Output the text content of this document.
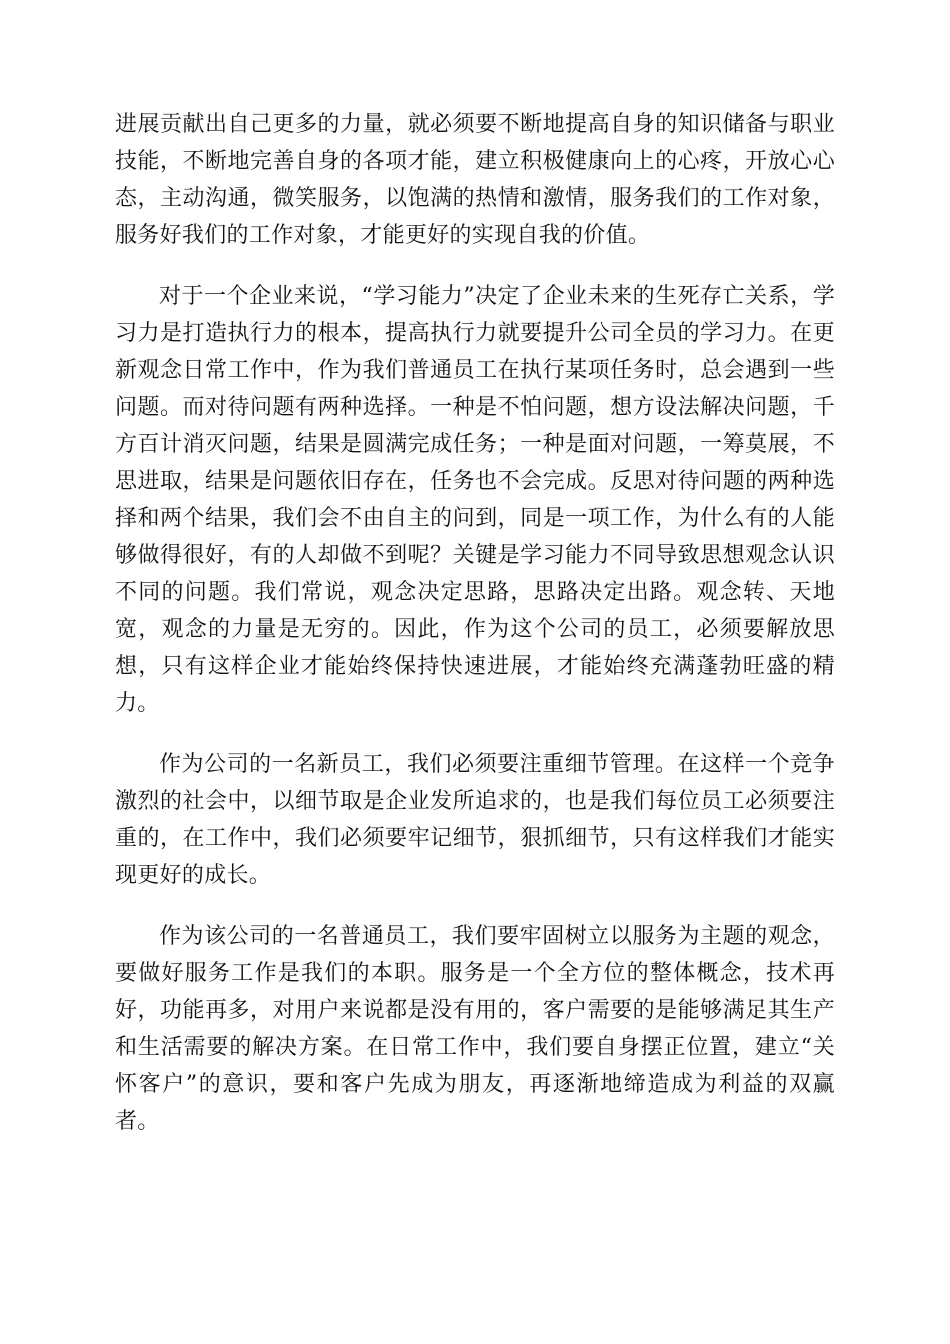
进展贡献出自己更多的力量，就必须要不断地提高自身的知识储备与职业技能，不断地完善自身的各项才能，建立积极健康向上的心疼，开放心心态，主动沟通，微笑服务，以饱满的热情和激情，服务我们的工作对象，服务好我们的工作对象，才能更好的实现自我的价值。

对于一个企业来说，“学习能力”决定了企业未来的生死存亡关系，学习力是打造执行力的根本，提高执行力就要提升公司全员的学习力。在更新观念日常工作中，作为我们普通员工在执行某项任务时，总会遇到一些问题。而对待问题有两种选择。一种是不怕问题，想方设法解决问题，千方百计消灭问题，结果是圆满完成任务；一种是面对问题，一筹莫展，不思进取，结果是问题依旧存在，任务也不会完成。反思对待问题的两种选择和两个结果，我们会不由自主的问到，同是一项工作，为什么有的人能够做得很好，有的人却做不到呢？关键是学习能力不同导致思想观念认识不同的问题。我们常说，观念决定思路，思路决定出路。观念转、天地宽，观念的力量是无穷的。因此，作为这个公司的员工，必须要解放思想，只有这样企业才能始终保持快速进展，才能始终充满蓬勃旺盛的精力。

作为公司的一名新员工，我们必须要注重细节管理。在这样一个竞争激烈的社会中，以细节取是企业发所追求的，也是我们每位员工必须要注重的，在工作中，我们必须要牢记细节，狠抓细节，只有这样我们才能实现更好的成长。

作为该公司的一名普通员工，我们要牢固树立以服务为主题的观念，要做好服务工作是我们的本职。服务是一个全方位的整体概念，技术再好，功能再多，对用户来说都是没有用的，客户需要的是能够满足其生产和生活需要的解决方案。在日常工作中，我们要自身摆正位置，建立“关怀客户”的意识，要和客户先成为朋友，再逐渐地缔造成为利益的双赢者。
